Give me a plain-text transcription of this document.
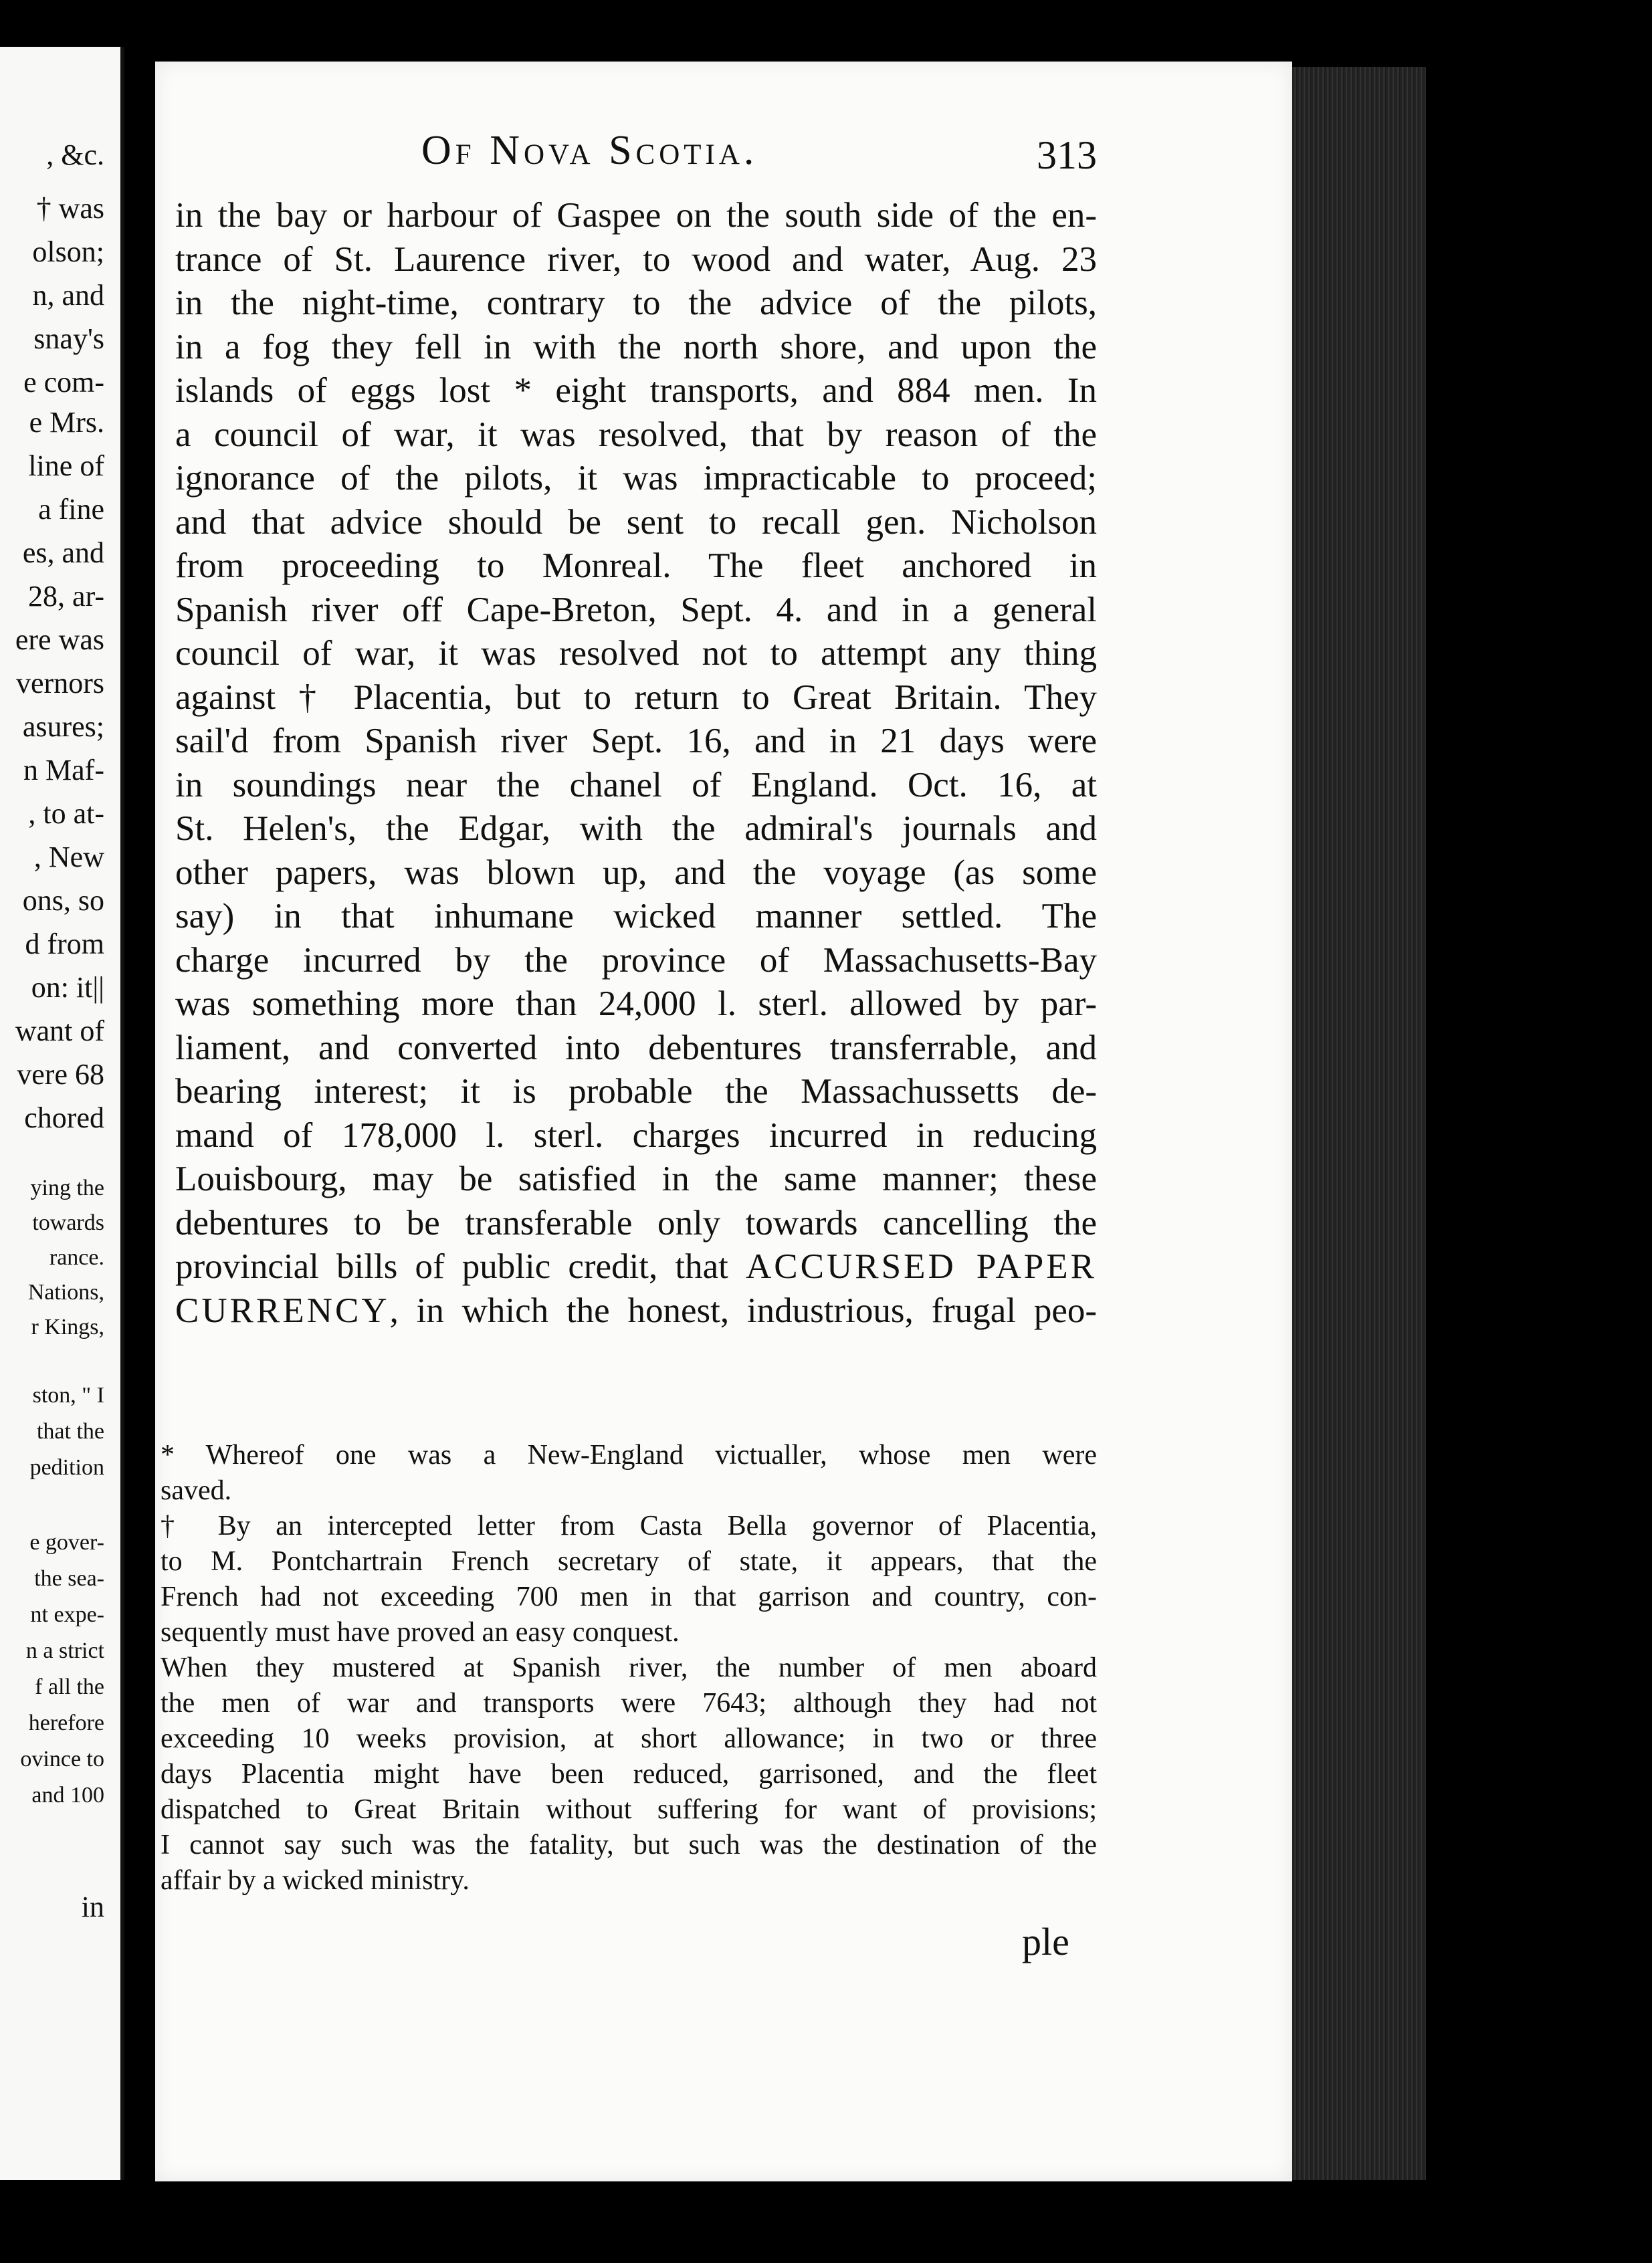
, &c.
† was
olson;
n, and
snay's
e com-
e Mrs.
line of
a fine
es, and
28, ar-
ere was
vernors
asures;
n Maf-
, to at-
, New
ons, so
d from
on: it||
want of
vere 68
chored
ying the
towards
rance.
Nations,
r Kings,
ston, " I
that the
pedition
e gover-
the sea-
nt expe-
n a strict
f all the
herefore
ovince to
and 100
in
Of Nova Scotia.	313
in the bay or harbour of Gaspee on the south side of the en-
trance of St. Laurence river, to wood and water, Aug. 23
in the night-time, contrary to the advice of the pilots,
in a fog they fell in with the north shore, and upon the
islands of eggs lost * eight transports, and 884 men. In
a council of war, it was resolved, that by reason of the
ignorance of the pilots, it was impracticable to proceed;
and that advice should be sent to recall gen. Nicholson
from proceeding to Monreal. The fleet anchored in
Spanish river off Cape-Breton, Sept. 4. and in a general
council of war, it was resolved not to attempt any thing
against † Placentia, but to return to Great Britain. They
sail'd from Spanish river Sept. 16, and in 21 days were
in soundings near the chanel of England. Oct. 16, at
St. Helen's, the Edgar, with the admiral's journals and
other papers, was blown up, and the voyage (as some
say) in that inhumane wicked manner settled. The
charge incurred by the province of Massachusetts-Bay
was something more than 24,000 l. sterl. allowed by par-
liament, and converted into debentures transferrable, and
bearing interest; it is probable the Massachussetts de-
mand of 178,000 l. sterl. charges incurred in reducing
Louisbourg, may be satisfied in the same manner; these
debentures to be transferable only towards cancelling the
provincial bills of public credit, that ACCURSED PAPER
CURRENCY, in which the honest, industrious, frugal peo-
* Whereof one was a New-England victualler, whose men were
saved.
† By an intercepted letter from Casta Bella governor of Placentia,
to M. Pontchartrain French secretary of state, it appears, that the
French had not exceeding 700 men in that garrison and country, con-
sequently must have proved an easy conquest.
When they mustered at Spanish river, the number of men aboard
the men of war and transports were 7643; although they had not
exceeding 10 weeks provision, at short allowance; in two or three
days Placentia might have been reduced, garrisoned, and the fleet
dispatched to Great Britain without suffering for want of provisions;
I cannot say such was the fatality, but such was the destination of the
affair by a wicked ministry.
ple
